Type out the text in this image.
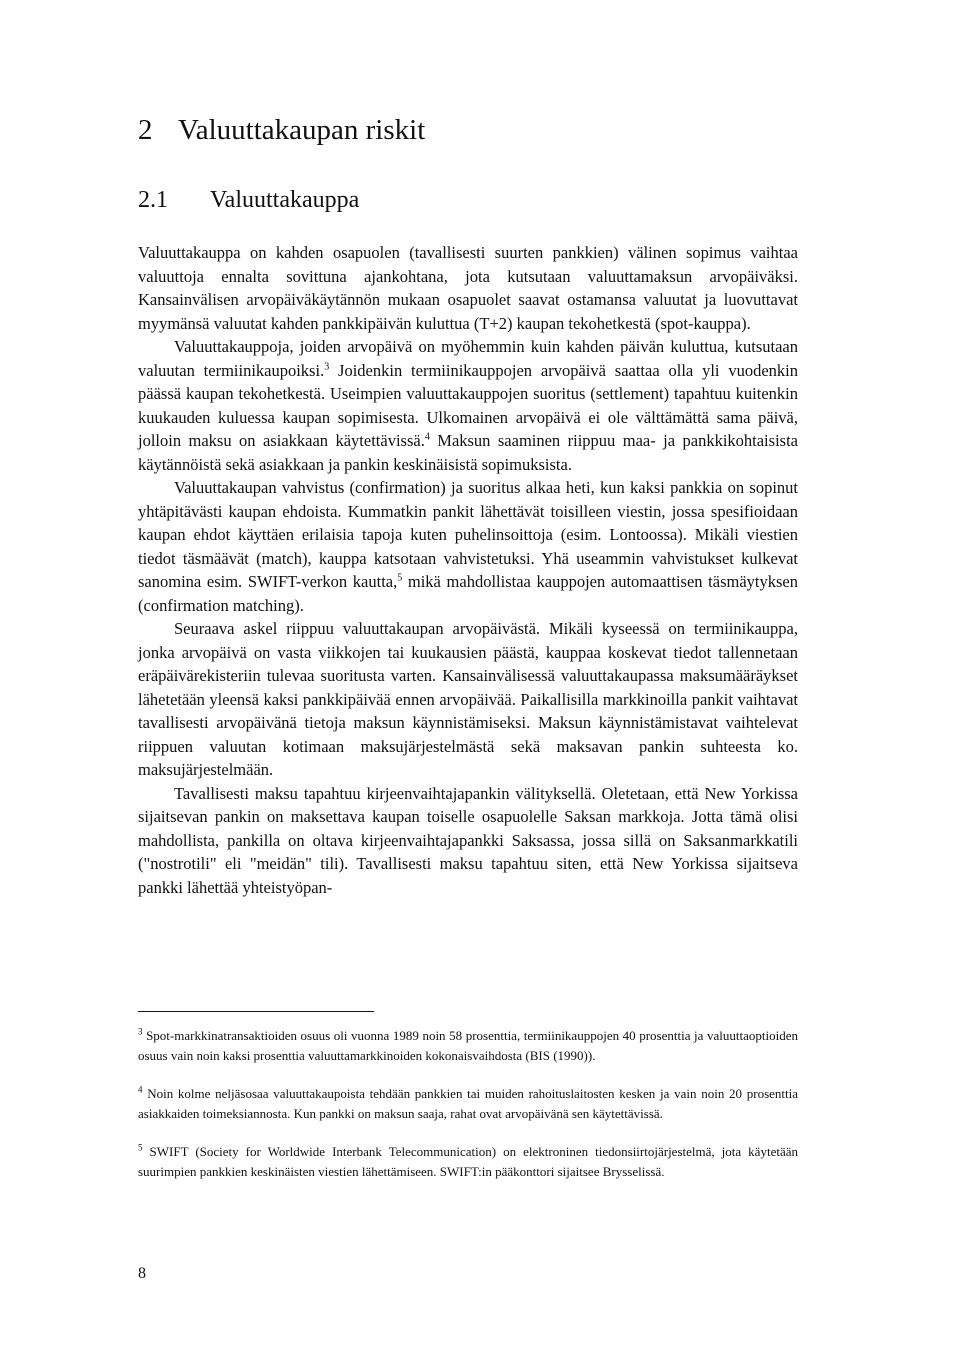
2 Valuuttakaupan riskit
2.1 Valuuttakauppa

Valuuttakauppa on kahden osapuolen (tavallisesti suurten pankkien) välinen sopimus vaihtaa valuuttoja ennalta sovittuna ajankohtana, jota kutsutaan valuuttamaksun arvopäiväksi. Kansainvälisen arvopäiväkäytännön mukaan osapuolet saavat ostamansa valuutat ja luovuttavat myymänsä valuutat kahden pankkipäivän kuluttua (T+2) kaupan tekohetkestä (spot-kauppa).

Valuuttakauppoja, joiden arvopäivä on myöhemmin kuin kahden päivän kuluttua, kutsutaan valuutan termiinikaupoiksi.$^3$ Joidenkin termiinikauppojen arvopäivä saattaa olla yli vuodenkin päässä kaupan tekohetkestä. Useimpien valuuttakauppojen suoritus (settlement) tapahtuu kuitenkin kuukauden kuluessa kaupan sopimisesta. Ulkomainen arvopäivä ei ole välttämättä sama päivä, jolloin maksu on asiakkaan käytettävissä.$^4$ Maksun saaminen riippuu maa- ja pankkikohtaisista käytännöistä sekä asiakkaan ja pankin keskinäisistä sopimuksista.

Valuuttakaupan vahvistus (confirmation) ja suoritus alkaa heti, kun kaksi pankkia on sopinut yhtäpitävästi kaupan ehdoista. Kummatkin pankit lähettävät toisilleen viestin, jossa spesifioidaan kaupan ehdot käyttäen erilaisia tapoja kuten puhelinsoittoja (esim. Lontoossa). Mikäli viestien tiedot täsmäävät (match), kauppa katsotaan vahvistetuksi. Yhä useammin vahvistukset kulkevat sanomina esim. SWIFT-verkon kautta,$^5$ mikä mahdollistaa kauppojen automaattisen täsmäytyksen (confirmation matching).

Seuraava askel riippuu valuuttakaupan arvopäivästä. Mikäli kyseessä on termiinikauppa, jonka arvopäivä on vasta viikkojen tai kuukausien päästä, kauppaa koskevat tiedot tallennetaan eräpäivärekisteriin tulevaa suoritusta varten. Kansainvälisessä valuuttakaupassa maksumääräykset lähetetään yleensä kaksi pankkipäivää ennen arvopäivää. Paikallisilla markkinoilla pankit vaihtavat tavallisesti arvopäivänä tietoja maksun käynnistämiseksi. Maksun käynnistämistavat vaihtelevat riippuen valuutan kotimaan maksujärjestelmästä sekä maksavan pankin suhteesta ko. maksujärjestelmään.

Tavallisesti maksu tapahtuu kirjeenvaihtajapankin välityksellä. Oletetaan, että New Yorkissa sijaitsevan pankin on maksettava kaupan toiselle osapuolelle Saksan markkoja. Jotta tämä olisi mahdollista, pankilla on oltava kirjeenvaihtajapankki Saksassa, jossa sillä on Saksanmarkkatili ("nostrotili" eli "meidän" tili). Tavallisesti maksu tapahtuu siten, että New Yorkissa sijaitseva pankki lähettää yhteistyöpan-

$^3$ Spot-markkinatransaktioiden osuus oli vuonna 1989 noin 58 prosenttia, termiinikauppojen 40 prosenttia ja valuuttaoptioiden osuus vain noin kaksi prosenttia valuuttamarkkinoiden kokonaisvaihdosta (BIS (1990)).

$^4$ Noin kolme neljäsosaa valuuttakaupoista tehdään pankkien tai muiden rahoituslaitosten kesken ja vain noin 20 prosenttia asiakkaiden toimeksiannosta. Kun pankki on maksun saaja, rahat ovat arvopäivänä sen käytettävissä.

$^5$ SWIFT (Society for Worldwide Interbank Telecommunication) on elektroninen tiedonsiirtojärjestelmä, jota käytetään suurimpien pankkien keskinäisten viestien lähettämiseen. SWIFT:in pääkonttori sijaitsee Brysselissä.

8
